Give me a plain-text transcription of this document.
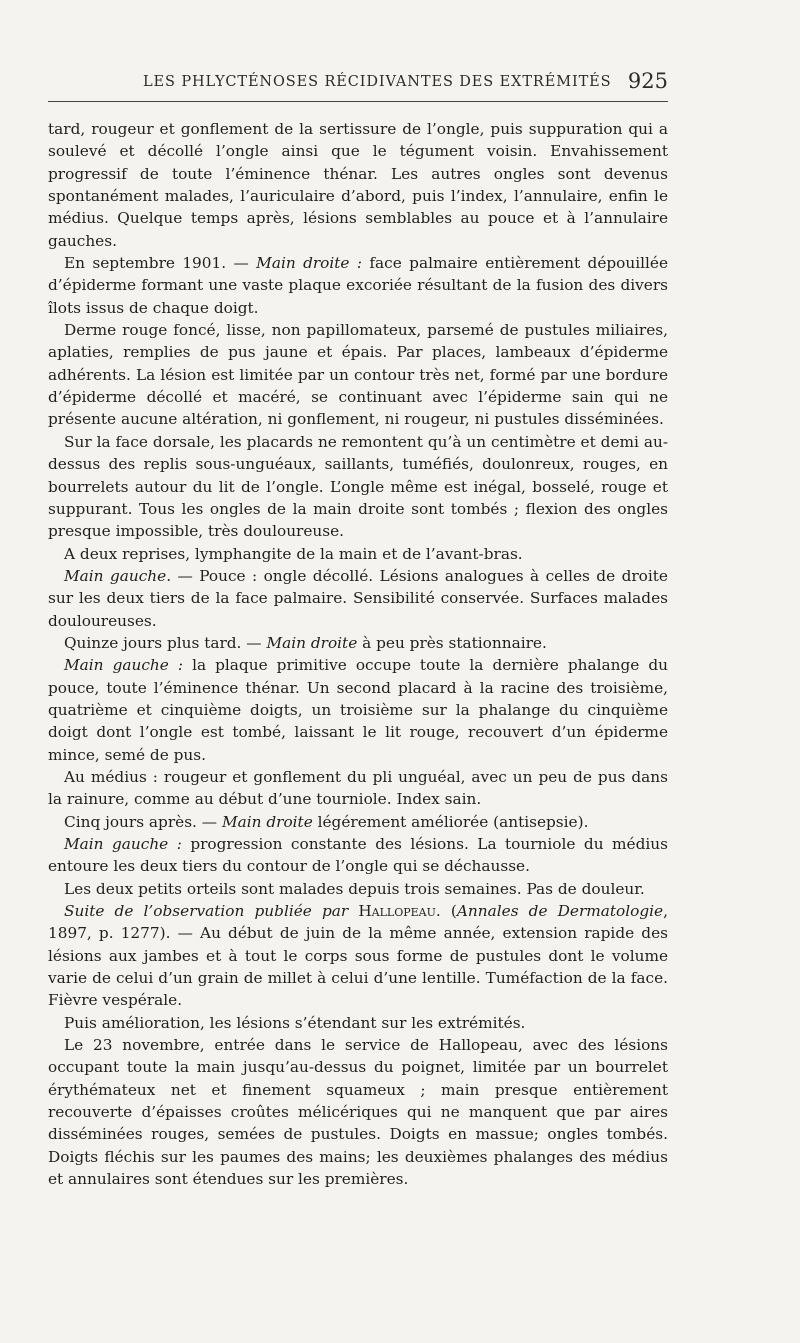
LES PHLYCTÉNOSES RÉCIDIVANTES DES EXTRÉMITÉS 925

tard, rougeur et gonflement de la sertissure de l’ongle, puis suppuration qui a soulevé et décollé l’ongle ainsi que le tégument voisin. Envahissement progressif de toute l’éminence thénar. Les autres ongles sont devenus spontanément malades, l’auriculaire d’abord, puis l’index, l’annulaire, enfin le médius. Quelque temps après, lésions semblables au pouce et à l’annulaire gauches.

En septembre 1901. — Main droite : face palmaire entièrement dépouillée d’épiderme formant une vaste plaque excoriée résultant de la fusion des divers îlots issus de chaque doigt.

Derme rouge foncé, lisse, non papillomateux, parsemé de pustules miliaires, aplaties, remplies de pus jaune et épais. Par places, lambeaux d’épiderme adhérents. La lésion est limitée par un contour très net, formé par une bordure d’épiderme décollé et macéré, se continuant avec l’épiderme sain qui ne présente aucune altération, ni gonflement, ni rougeur, ni pustules disséminées.

Sur la face dorsale, les placards ne remontent qu’à un centimètre et demi au-dessus des replis sous-unguéaux, saillants, tuméfiés, doulonreux, rouges, en bourrelets autour du lit de l’ongle. L’ongle même est inégal, bosselé, rouge et suppurant. Tous les ongles de la main droite sont tombés ; flexion des ongles presque impossible, très douloureuse.

A deux reprises, lymphangite de la main et de l’avant-bras.

Main gauche. — Pouce : ongle décollé. Lésions analogues à celles de droite sur les deux tiers de la face palmaire. Sensibilité conservée. Surfaces malades douloureuses.

Quinze jours plus tard. — Main droite à peu près stationnaire.

Main gauche : la plaque primitive occupe toute la dernière phalange du pouce, toute l’éminence thénar. Un second placard à la racine des troisième, quatrième et cinquième doigts, un troisième sur la phalange du cinquième doigt dont l’ongle est tombé, laissant le lit rouge, recouvert d’un épiderme mince, semé de pus.

Au médius : rougeur et gonflement du pli unguéal, avec un peu de pus dans la rainure, comme au début d’une tourniole. Index sain.

Cinq jours après. — Main droite légérement améliorée (antisepsie).

Main gauche : progression constante des lésions. La tourniole du médius entoure les deux tiers du contour de l’ongle qui se déchausse.

Les deux petits orteils sont malades depuis trois semaines. Pas de douleur.

Suite de l’observation publiée par Hallopeau. (Annales de Dermatologie, 1897, p. 1277). — Au début de juin de la même année, extension rapide des lésions aux jambes et à tout le corps sous forme de pustules dont le volume varie de celui d’un grain de millet à celui d’une lentille. Tuméfaction de la face. Fièvre vespérale.

Puis amélioration, les lésions s’étendant sur les extrémités.

Le 23 novembre, entrée dans le service de Hallopeau, avec des lésions occupant toute la main jusqu’au-dessus du poignet, limitée par un bourrelet érythémateux net et finement squameux ; main presque entièrement recouverte d’épaisses croûtes mélicériques qui ne manquent que par aires disséminées rouges, semées de pustules. Doigts en massue; ongles tombés. Doigts fléchis sur les paumes des mains; les deuxièmes phalanges des médius et annulaires sont étendues sur les premières.
